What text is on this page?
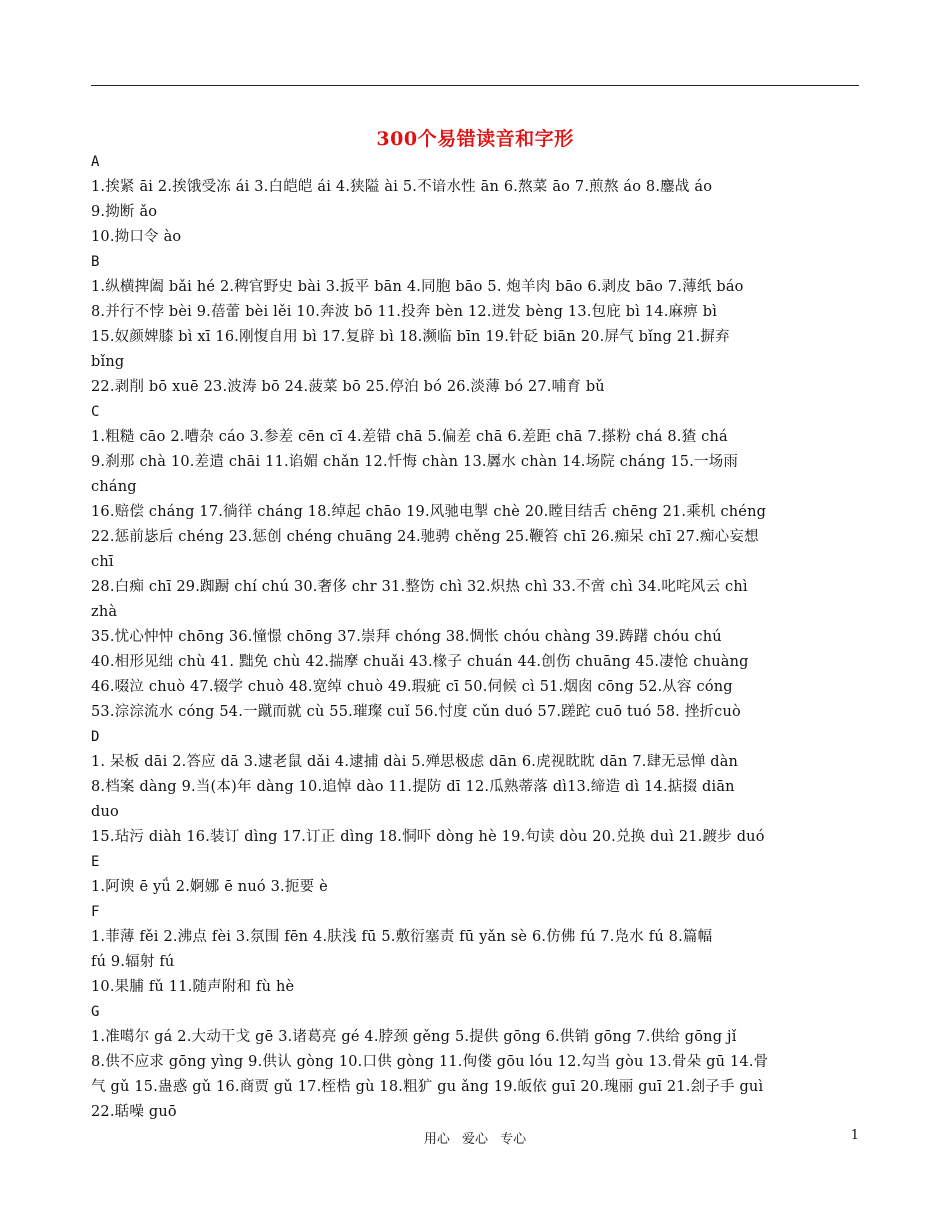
300个易错读音和字形
A
1.挨紧 āi 2.挨饿受冻 ái 3.白皑皑 ái 4.狭隘 ài 5.不谙水性 ān 6.熬菜 āo 7.煎熬 áo 8.鏖战 áo
9.拗断 ǎo
10.拗口令 ào
B
1.纵横捭阖 bǎi hé 2.稗官野史 bài 3.扳平 bān 4.同胞 bāo 5. 炮羊肉 bāo 6.剥皮 bāo 7.薄纸 báo
8.并行不悖 bèi 9.蓓蕾 bèi lěi 10.奔波 bō 11.投奔 bèn 12.迸发 bèng 13.包庇 bì 14.麻痹 bì
15.奴颜婢膝 bì xī 16.刚愎自用 bì 17.复辟 bì 18.濒临 bīn 19.针砭 biān 20.屏气 bǐng 21.摒弃
bǐng
22.剥削 bō xuē 23.波涛 bō 24.菠菜 bō 25.停泊 bó 26.淡薄 bó 27.哺育 bǔ
C
1.粗糙 cāo 2.嘈杂 cáo 3.参差 cēn cī 4.差错 chā 5.偏差 chā 6.差距 chā 7.搽粉 chá 8.猹 chá
9.刹那 chà 10.差遣 chāi 11.谄媚 chǎn 12.忏悔 chàn 13.羼水 chàn 14.场院 cháng 15.一场雨
cháng
16.赔偿 cháng 17.徜徉 cháng 18.绰起 chāo 19.风驰电掣 chè 20.瞠目结舌 chēng 21.乘机 chéng
22.惩前毖后 chéng 23.惩创 chéng chuāng 24.驰骋 chěng 25.鞭笞 chī 26.痴呆 chī 27.痴心妄想
chī
28.白痴 chī 29.踟蹰 chí chú 30.奢侈 chr 31.整饬 chì 32.炽热 chì 33.不啻 chì 34.叱咤风云 chì
zhà
35.忧心忡忡 chōng 36.憧憬 chōng 37.崇拜 chóng 38.惆怅 chóu chàng 39.踌躇 chóu chú
40.相形见绌 chù 41. 黜免 chù 42.揣摩 chuǎi 43.椽子 chuán 44.创伤 chuāng 45.凄怆 chuàng
46.啜泣 chuò 47.辍学 chuò 48.宽绰 chuò 49.瑕疵 cī 50.伺候 cì 51.烟囱 cōng 52.从容 cóng
53.淙淙流水 cóng 54.一蹴而就 cù 55.璀璨 cuǐ 56.忖度 cǔn duó 57.蹉跎 cuō tuó 58. 挫折cuò
D
1. 呆板 dāi 2.答应 dā 3.逮老鼠 dǎi 4.逮捕 dài 5.殚思极虑 dān 6.虎视眈眈 dān 7.肆无忌惮 dàn
8.档案 dàng 9.当(本)年 dàng 10.追悼 dào 11.提防 dī 12.瓜熟蒂落 dì13.缔造 dì 14.掂掇 diān
duo
15.玷污 diàh 16.装订 dìng 17.订正 dìng 18.恫吓 dòng hè 19.句读 dòu 20.兑换 duì 21.踱步 duó
E
1.阿谀 ē yǘ 2.婀娜 ē nuó 3.扼要 è
F
1.菲薄 fěi 2.沸点 fèi 3.氛围 fēn 4.肤浅 fū 5.敷衍塞责 fū yǎn sè 6.仿佛 fú 7.凫水 fú 8.篇幅
fú 9.辐射 fú
10.果脯 fǔ 11.随声附和 fù hè
G
1.准噶尔 gá 2.大动干戈 gē 3.诸葛亮 gé 4.脖颈 gěng 5.提供 gōng 6.供销 gōng 7.供给 gōng jǐ
8.供不应求 gōng yìng 9.供认 gòng 10.口供 gòng 11.佝偻 gōu lóu 12.勾当 gòu 13.骨朵 gū 14.骨
气 gǔ 15.蛊惑 gǔ 16.商贾 gǔ 17.桎梏 gù 18.粗犷 gu ǎng 19.皈依 guī 20.瑰丽 guī 21.刽子手 guì
22.聒噪 guō
用心 爱心 专心	1
